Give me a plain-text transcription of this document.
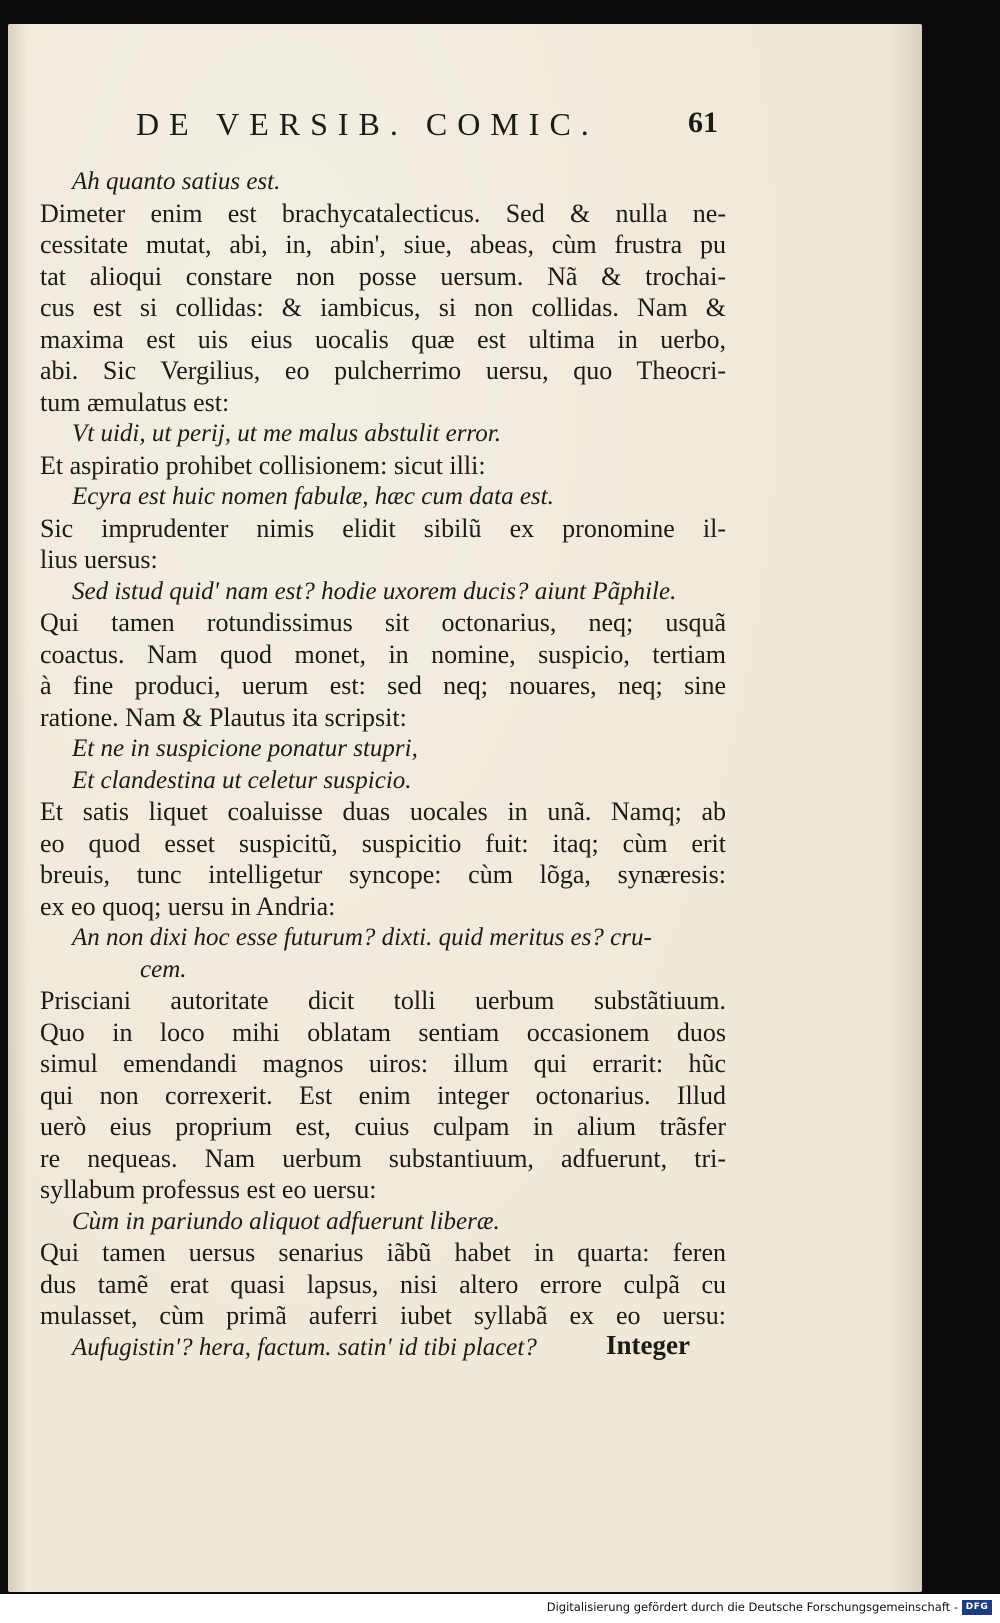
DE VERSIB. COMIC.	61
Ah quanto satius est.
Dimeter enim est brachycatalecticus. Sed & nulla ne-
cessitate mutat, abi, in, abin', siue, abeas, cùm frustra pu
tat alioqui constare non posse uersum. Nã & trochai-
cus est si collidas: & iambicus, si non collidas. Nam &
maxima est uis eius uocalis quæ est ultima in uerbo,
abi. Sic Vergilius, eo pulcherrimo uersu, quo Theocri-
tum æmulatus est:
Vt uidi, ut perij, ut me malus abstulit error.
Et aspiratio prohibet collisionem: sicut illi:
Ecyra est huic nomen fabulæ, hæc cum data est.
Sic imprudenter nimis elidit sibilũ ex pronomine il-
lius uersus:
Sed istud quid' nam est? hodie uxorem ducis? aiunt Pãphile.
Qui tamen rotundissimus sit octonarius, neq; usquã
coactus. Nam quod monet, in nomine, suspicio, tertiam
à fine produci, uerum est: sed neq; nouares, neq; sine
ratione. Nam & Plautus ita scripsit:
Et ne in suspicione ponatur stupri,
Et clandestina ut celetur suspicio.
Et satis liquet coaluisse duas uocales in unã. Namq; ab
eo quod esset suspicitũ, suspicitio fuit: itaq; cùm erit
breuis, tunc intelligetur syncope: cùm lõga, synæresis:
ex eo quoq; uersu in Andria:
An non dixi hoc esse futurum? dixti. quid meritus es? cru-
cem.
Prisciani autoritate dicit tolli uerbum substãtiuum.
Quo in loco mihi oblatam sentiam occasionem duos
simul emendandi magnos uiros: illum qui errarit: hũc
qui non correxerit. Est enim integer octonarius. Illud
uerò eius proprium est, cuius culpam in alium trãsfer
re nequeas. Nam uerbum substantiuum, adfuerunt, tri-
syllabum professus est eo uersu:
Cùm in pariundo aliquot adfuerunt liberæ.
Qui tamen uersus senarius iãbũ habet in quarta: feren
dus tamẽ erat quasi lapsus, nisi altero errore culpã cu
mulasset, cùm primã auferri iubet syllabã ex eo uersu:
Aufugistin'? hera, factum. satin' id tibi placet?	Integer
Digitalisierung gefördert durch die Deutsche Forschungsgemeinschaft - DFG
